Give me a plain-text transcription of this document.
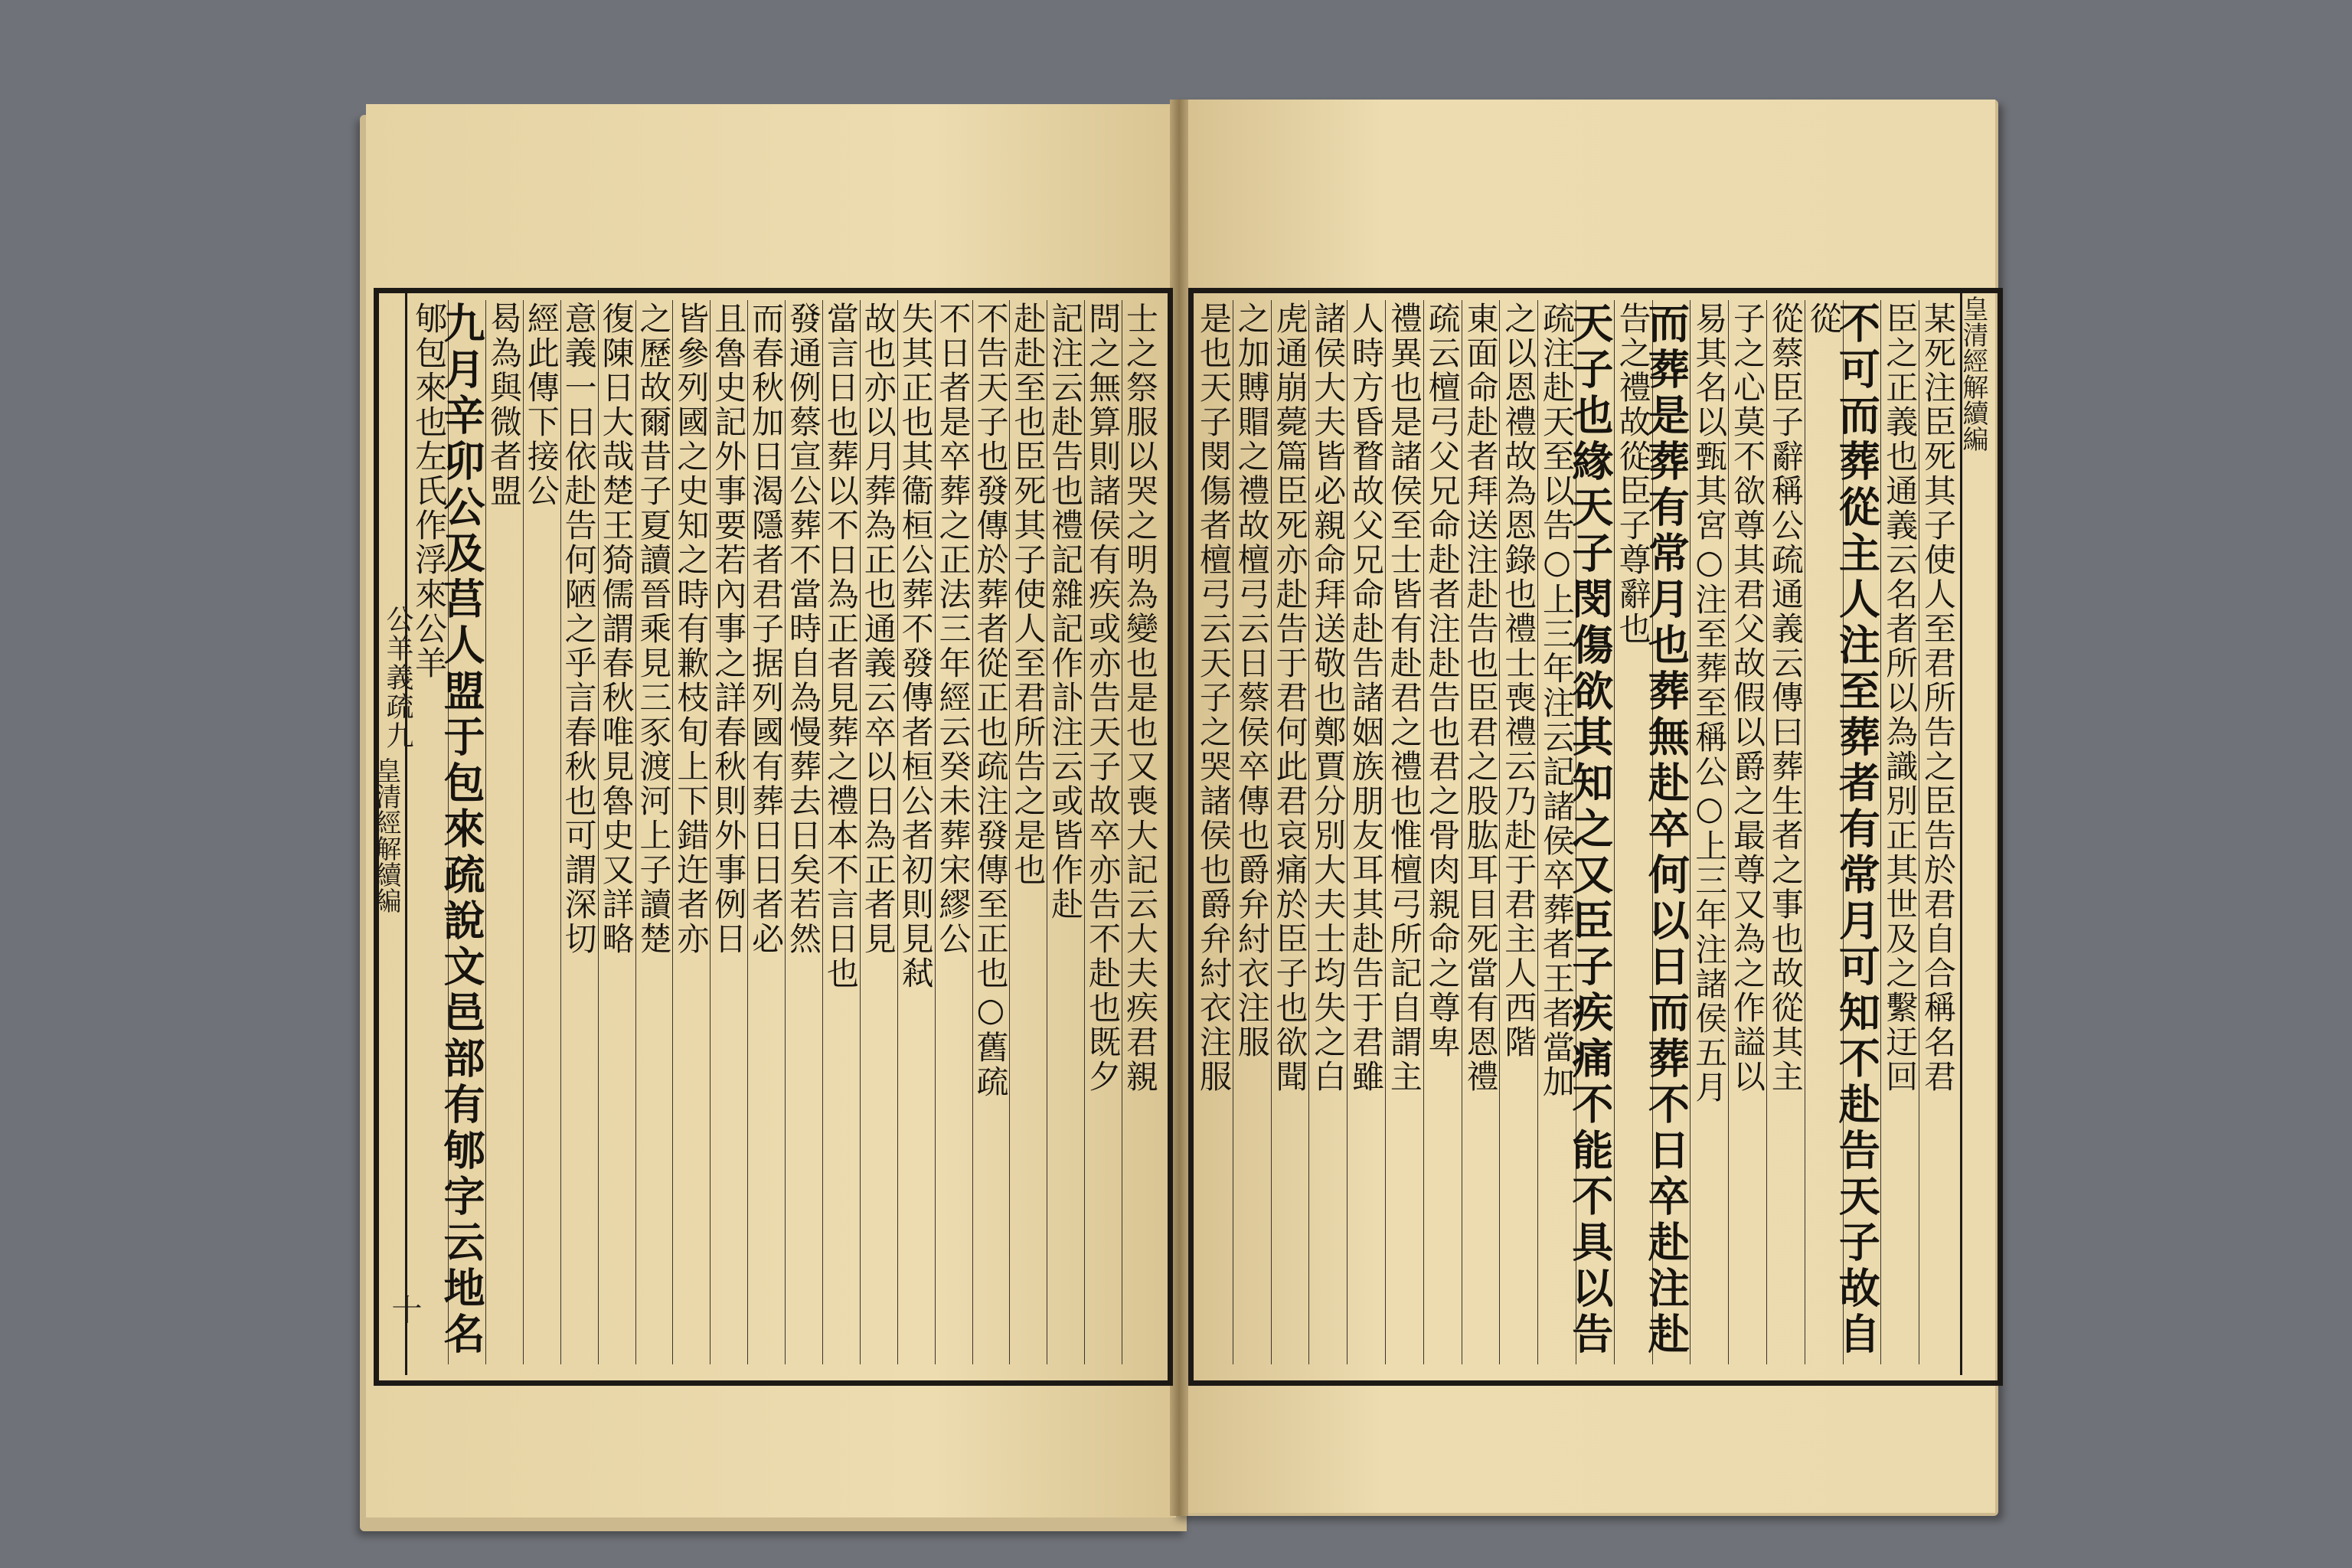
皇清經解續編
公羊義疏九
十
皇清經解續編
士之祭服以哭之明為變也是也又喪大記云大夫疾君親
問之無算則諸侯有疾或亦告天子故卒亦告不赴也既夕
記注云赴告也禮記雜記作訃注云或皆作赴
赴赴至也臣死其子使人至君所告之是也
不告天子也發傳於葬者從正也疏注發傳至正也○舊疏
不日者是卒葬之正法三年經云癸未葬宋繆公
失其正也其衞桓公葬不發傳者桓公者初則見弒
故也亦以月葬為正也通義云卒以日為正者見
當言日也葬以不日為正者見葬之禮本不言日也
發通例蔡宣公葬不當時自為慢葬去日矣若然
而春秋加日渴隱者君子据列國有葬日日者必
且魯史記外事要若內事之詳春秋則外事例日
皆參列國之史知之時有歉枝旬上下錯迕者亦
之歷故爾昔子夏讀晉乘見三豕渡河上子讀楚
復陳日大哉楚王猗儒謂春秋唯見魯史又詳略
意義一日依赴告何陋之乎言春秋也可謂深切
經此傳下接公
曷為與微者盟
九月辛卯公及莒人盟于包來疏說文邑部有郇字云地名
郇包來也左氏作浮來公羊	某死注臣死其子使人至君所告之臣告於君自合稱名君
臣之正義也通義云名者所以為識別正其世及之繫迂回
不可而葬從主人注至葬者有常月可知不赴告天子故自
從
從蔡臣子辭稱公疏通義云傳曰葬生者之事也故從其主
子之心莫不欲尊其君父故假以爵之最尊又為之作謚以
易其名以甄其宮○注至葬至稱公○上三年注諸侯五月
而葬是葬有常月也葬無赴卒何以日而葬不日卒赴注赴
告之禮故從臣子尊辭也
天子也緣天子閔傷欲其知之又臣子疾痛不能不具以告
疏注赴天至以告○上三年注云記諸侯卒葬者王者當加
之以恩禮故為恩錄也禮士喪禮云乃赴于君主人西階
東面命赴者拜送注赴告也臣君之股肱耳目死當有恩禮
疏云檀弓父兄命赴者注赴告也君之骨肉親命之尊卑
禮異也是諸侯至士皆有赴君之禮也惟檀弓所記自謂主
人時方昏瞀故父兄命赴告諸姻族朋友耳其赴告于君雖
諸侯大夫皆必親命拜送敬也鄭賈分別大夫士均失之白
虎通崩薨篇臣死亦赴告于君何此君哀痛於臣子也欲聞
之加賻賵之禮故檀弓云日蔡侯卒傳也爵弁紂衣注服
是也天子閔傷者檀弓云天子之哭諸侯也爵弁紂衣注服
